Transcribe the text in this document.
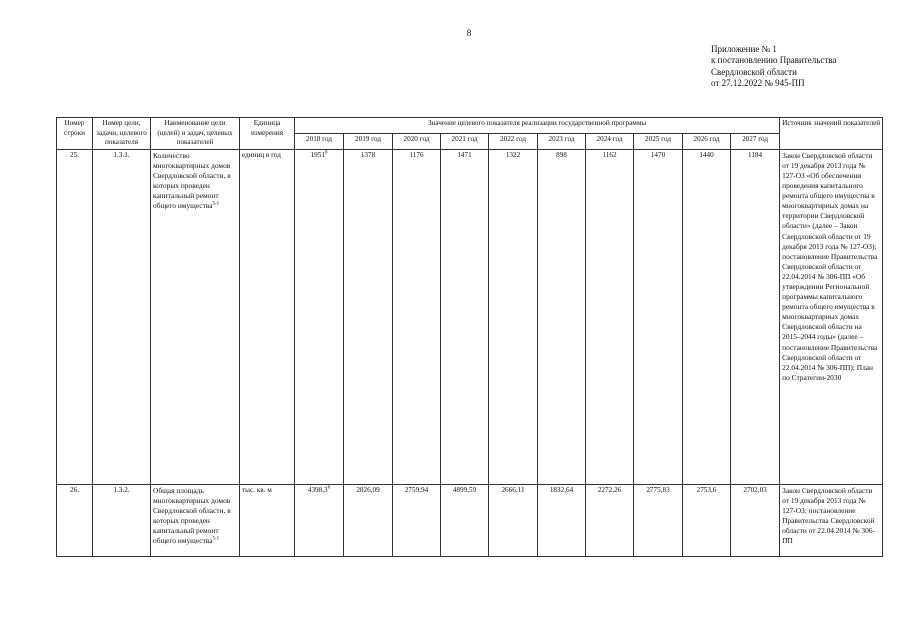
8
Приложение № 1
к постановлению Правительства
Свердловской области
от 27.12.2022 № 945-ПП
Номер строки	Номер цели, задачи, целевого показателя	Наименование цели (целей) и задач, целевых показателей	Единица измерения	Значение целевого показателя реализации государственной программы										Источник значений показателей
				2018 год	2019 год	2020 год	2021 год	2022 год	2023 год	2024 год	2025 год	2026 год	2027 год	
25.	1.3.1.	Количество многоквартирных домов Свердловской области, в которых проведен капитальный ремонт общего имущества$^{5-1}$	единиц в год	1951$^6$	1378	1176	1471	1322	898	1162	1470	1440	1184	Закон Свердловской области от 19 декабря 2013 года № 127-ОЗ «Об обеспечении проведения капитального ремонта общего имущества в многоквартирных домах на территории Свердловской области» (далее – Закон Свердловской области от 19 декабря 2013 года № 127-ОЗ); постановление Правительства Свердловской области от 22.04.2014 № 306-ПП «Об утверждении Региональной программы капитального ремонта общего имущества в многоквартирных домах Свердловской области на 2015–2044 годы» (далее – постановление Правительства Свердловской области от 22.04.2014 № 306-ПП); План по Стратегии-2030
26.	1.3.2.	Общая площадь многоквартирных домов Свердловской области, в которых проведен капитальный ремонт общего имущества$^{5-1}$	тыс. кв. м	4398,3$^6$	2826,09	2759,94	4899,59	2666,11	1832,64	2272,26	2775,83	2753,6	2702,03	Закон Свердловской области от 19 декабря 2013 года № 127-ОЗ; постановление Правительства Свердловской области от 22.04.2014 № 306-ПП
